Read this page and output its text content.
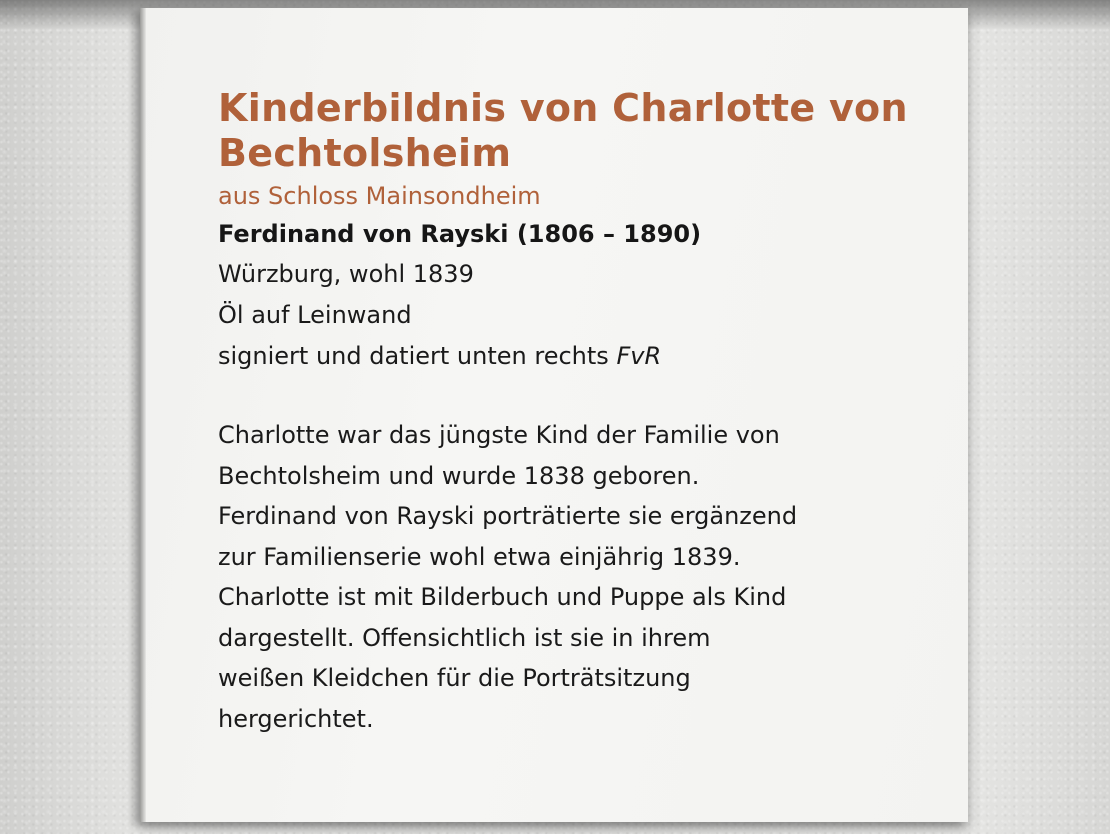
Kinderbildnis von Charlotte von
Bechtolsheim

aus Schloss Mainsondheim

Ferdinand von Rayski (1806 – 1890)

Würzburg, wohl 1839

Öl auf Leinwand

signiert und datiert unten rechts FvR

Charlotte war das jüngste Kind der Familie von
Bechtolsheim und wurde 1838 geboren.
Ferdinand von Rayski porträtierte sie ergänzend
zur Familienserie wohl etwa einjährig 1839.
Charlotte ist mit Bilderbuch und Puppe als Kind
dargestellt. Offensichtlich ist sie in ihrem
weißen Kleidchen für die Porträtsitzung
hergerichtet.
